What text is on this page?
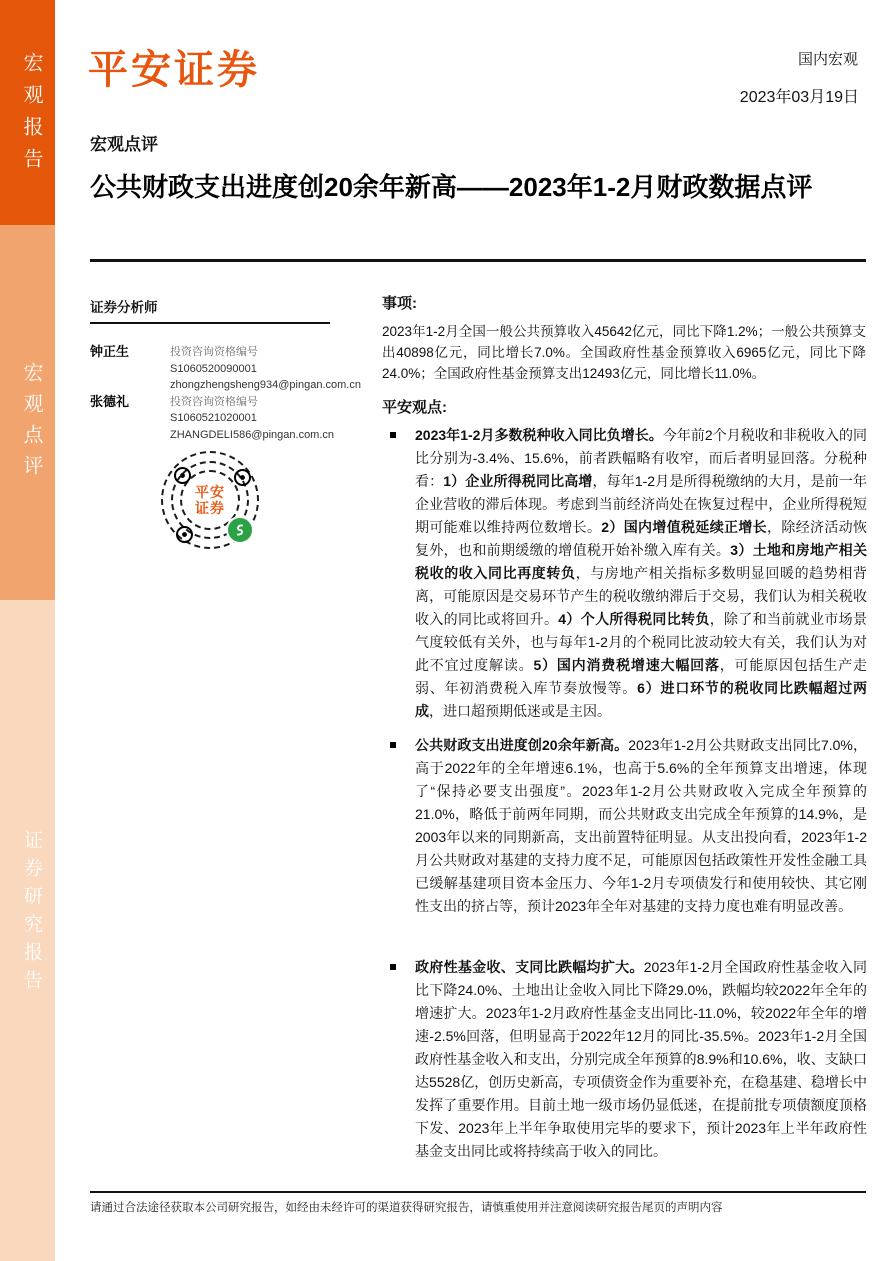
宏观报告
宏观点评
证券研究报告
平安证券	国内宏观
2023年03月19日
宏观点评
公共财政支出进度创20余年新高——2023年1-2月财政数据点评
证券分析师
钟正生	投资咨询资格编号
S1060520090001
zhongzhengsheng934@pingan.com.cn
张德礼	投资咨询资格编号
S1060521020001
ZHANGDELI586@pingan.com.cn
平安
证券
事项:
2023年1-2月全国一般公共预算收入45642亿元，同比下降1.2%；一般公共预算支出40898亿元，同比增长7.0%。全国政府性基金预算收入6965亿元，同比下降24.0%；全国政府性基金预算支出12493亿元，同比增长11.0%。
平安观点:
2023年1-2月多数税种收入同比负增长。今年前2个月税收和非税收入的同比分别为-3.4%、15.6%，前者跌幅略有收窄，而后者明显回落。分税种看：1）企业所得税同比高增，每年1-2月是所得税缴纳的大月，是前一年企业营收的滞后体现。考虑到当前经济尚处在恢复过程中，企业所得税短期可能难以维持两位数增长。2）国内增值税延续正增长，除经济活动恢复外，也和前期缓缴的增值税开始补缴入库有关。3）土地和房地产相关税收的收入同比再度转负，与房地产相关指标多数明显回暖的趋势相背离，可能原因是交易环节产生的税收缴纳滞后于交易，我们认为相关税收收入的同比或将回升。4）个人所得税同比转负，除了和当前就业市场景气度较低有关外，也与每年1-2月的个税同比波动较大有关，我们认为对此不宜过度解读。5）国内消费税增速大幅回落，可能原因包括生产走弱、年初消费税入库节奏放慢等。6）进口环节的税收同比跌幅超过两成，进口超预期低迷或是主因。
公共财政支出进度创20余年新高。2023年1-2月公共财政支出同比7.0%，高于2022年的全年增速6.1%，也高于5.6%的全年预算支出增速，体现了“保持必要支出强度”。2023年1-2月公共财政收入完成全年预算的21.0%，略低于前两年同期，而公共财政支出完成全年预算的14.9%，是2003年以来的同期新高，支出前置特征明显。从支出投向看，2023年1-2月公共财政对基建的支持力度不足，可能原因包括政策性开发性金融工具已缓解基建项目资本金压力、今年1-2月专项债发行和使用较快、其它刚性支出的挤占等，预计2023年全年对基建的支持力度也难有明显改善。
政府性基金收、支同比跌幅均扩大。2023年1-2月全国政府性基金收入同比下降24.0%、土地出让金收入同比下降29.0%，跌幅均较2022年全年的增速扩大。2023年1-2月政府性基金支出同比-11.0%，较2022年全年的增速-2.5%回落，但明显高于2022年12月的同比-35.5%。2023年1-2月全国政府性基金收入和支出，分别完成全年预算的8.9%和10.6%，收、支缺口达5528亿，创历史新高，专项债资金作为重要补充，在稳基建、稳增长中发挥了重要作用。目前土地一级市场仍显低迷，在提前批专项债额度顶格下发、2023年上半年争取使用完毕的要求下，预计2023年上半年政府性基金支出同比或将持续高于收入的同比。
请通过合法途径获取本公司研究报告，如经由未经许可的渠道获得研究报告，请慎重使用并注意阅读研究报告尾页的声明内容
